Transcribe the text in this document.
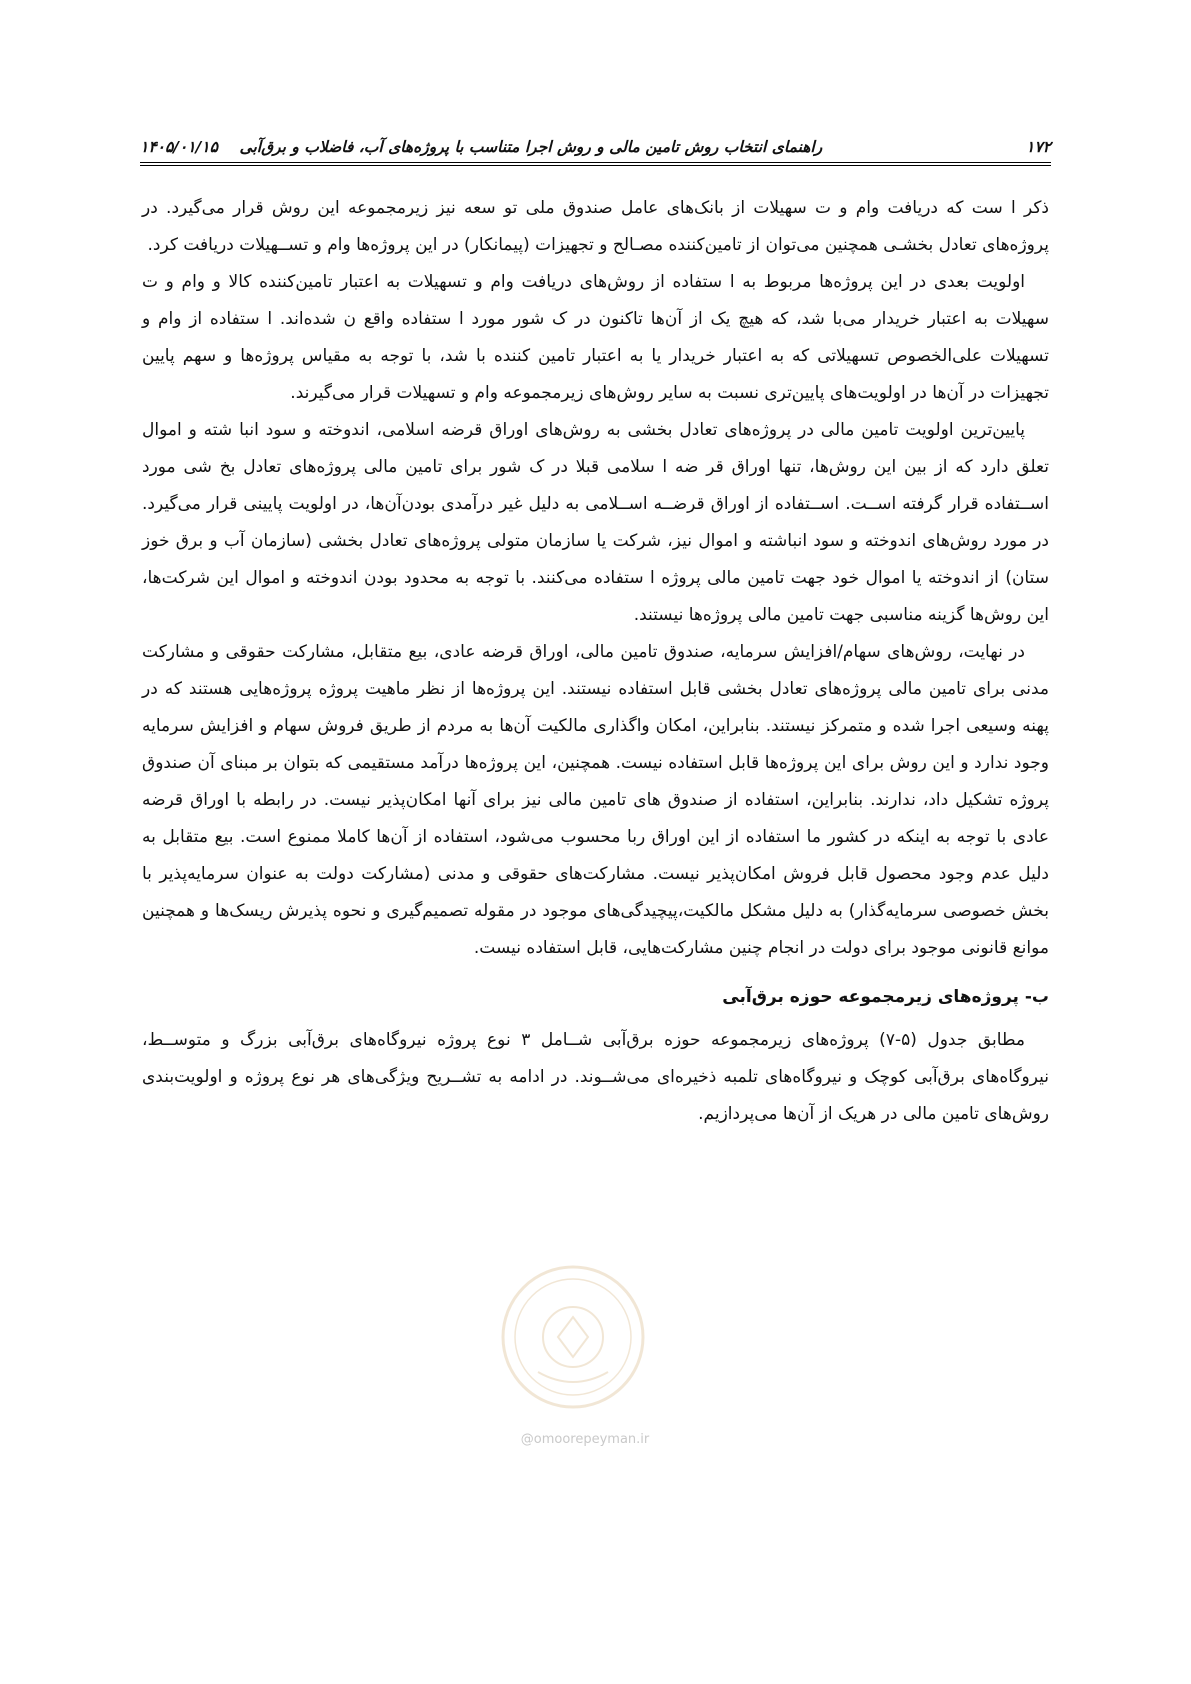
۱۷۲
راهنمای انتخاب روش تامین مالی و روش اجرا متناسب با پروژه‌های آب، فاضلاب و برق‌آبی    ۱۴۰۵/۰۱/۱۵

ذکر ا ست که دریافت وام و ت سهیلات از بانک‌های عامل صندوق ملی تو سعه نیز زیرمجموعه این روش قرار می‌گیرد. در پروژه‌های تعادل بخشـی همچنین می‌توان از تامین‌کننده مصـالح و تجهیزات (پیمانکار) در این پروژه‌ها وام و تســهیلات دریافت کرد.

اولویت بعدی در این پروژه‌ها مربوط به ا ستفاده از روش‌های دریافت وام و تسهیلات به اعتبار تامین‌کننده کالا و وام و ت سهیلات به اعتبار خریدار می‌با شد، که هیچ یک از آن‌ها تاکنون در ک شور مورد ا ستفاده واقع ن شده‌اند. ا ستفاده از وام و تسهیلات علی‌الخصوص تسهیلاتی که به اعتبار خریدار یا به اعتبار تامین کننده با شد، با توجه به مقیاس پروژه‌ها و سهم پایین تجهیزات در آن‌ها در اولویت‌های پایین‌تری نسبت به سایر روش‌های زیرمجموعه وام و تسهیلات قرار می‌گیرند.

پایین‌ترین اولویت تامین مالی در پروژه‌های تعادل بخشی به روش‌های اوراق قرضه اسلامی، اندوخته و سود انبا شته و اموال تعلق دارد که از بین این روش‌ها، تنها اوراق قر ضه ا سلامی قبلا در ک شور برای تامین مالی پروژه‌های تعادل بخ شی مورد اســتفاده قرار گرفته اســت. اســتفاده از اوراق قرضــه اســلامی به دلیل غیر درآمدی بودن‌آن‌ها، در اولویت پایینی قرار می‌گیرد. در مورد روش‌های اندوخته و سود انباشته و اموال نیز، شرکت یا سازمان متولی پروژه‌های تعادل بخشی (سازمان آب و برق خوز ستان) از اندوخته یا اموال خود جهت تامین مالی پروژه ا ستفاده می‌کنند. با توجه به محدود بودن اندوخته و اموال این شرکت‌ها، این روش‌ها گزینه مناسبی جهت تامین مالی پروژه‌ها نیستند.

در نهایت، روش‌های سهام/افزایش سرمایه، صندوق تامین مالی، اوراق قرضه عادی، بیع متقابل، مشارکت حقوقی و مشارکت مدنی برای تامین مالی پروژه‌های تعادل بخشی قابل استفاده نیستند. این پروژه‌ها از نظر ماهیت پروژه پروژه‌هایی هستند که در پهنه وسیعی اجرا شده و متمرکز نیستند. بنابراین، امکان واگذاری مالکیت آن‌ها به مردم از طریق فروش سهام و افزایش سرمایه وجود ندارد و این روش برای این پروژه‌ها قابل استفاده نیست. همچنین، این پروژه‌ها درآمد مستقیمی که بتوان بر مبنای آن صندوق پروژه تشکیل داد، ندارند. بنابراین، استفاده از صندوق های تامین مالی نیز برای آنها امکان‌پذیر نیست. در رابطه با اوراق قرضه عادی با توجه به اینکه در کشور ما استفاده از این اوراق ربا محسوب می‌شود، استفاده از آن‌ها کاملا ممنوع است. بیع متقابل به دلیل عدم وجود محصول قابل فروش امکان‌پذیر نیست. مشارکت‌های حقوقی و مدنی (مشارکت دولت به عنوان سرمایه‌پذیر با بخش خصوصی سرمایه‌گذار) به دلیل مشکل مالکیت،پیچیدگی‌های موجود در مقوله تصمیم‌گیری و نحوه پذیرش ریسک‌ها و همچنین موانع قانونی موجود برای دولت در انجام چنین مشارکت‌هایی، قابل استفاده نیست.

ب- پروژه‌های زیرمجموعه حوزه برق‌آبی

مطابق جدول (۵-۷) پروژه‌های زیرمجموعه حوزه برق‌آبی شــامل ۳ نوع پروژه نیروگاه‌های برق‌آبی بزرگ و متوســط، نیروگاه‌های برق‌آبی کوچک و نیروگاه‌های تلمبه ذخیره‌ای می‌شــوند. در ادامه به تشــریح ویژگی‌های هر نوع پروژه و اولویت‌بندی روش‌های تامین مالی در هریک از آن‌ها می‌پردازیم.

@omoorepeyman.ir
